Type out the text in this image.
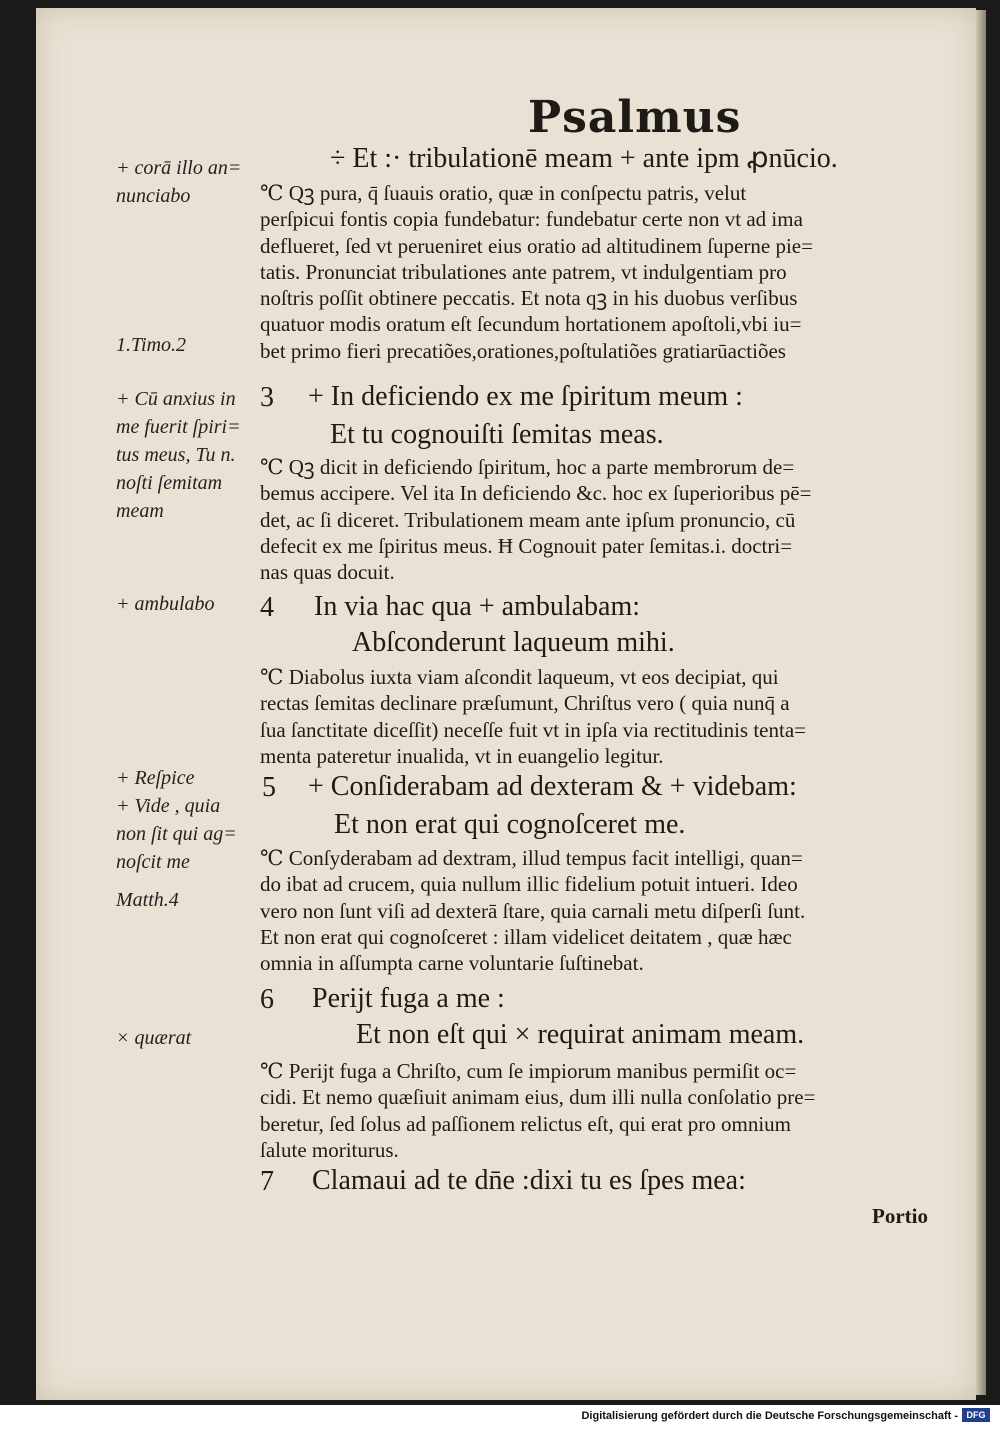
Psalmus
+ corā illo an=
nunciabo
1.Timo.2
+ Cū anxius in
me fuerit ſpiri=
tus meus, Tu n.
noſti ſemitam
meam
+ ambulabo
+ Reſpice
+ Vide , quia
non ſit qui ag=
noſcit me
Matth.4
× quærat
3
4
5
6
7
÷ Et :· tribulationē meam + ante ipm ꝓnūcio.
℃ Qꝫ pura, q̄ ſuauis oratio, quæ in conſpectu patris, velut
perſpicui fontis copia fundebatur: fundebatur certe non vt ad ima
deflueret, ſed vt perueniret eius oratio ad altitudinem ſuperne pie=
tatis. Pronunciat tribulationes ante patrem, vt indulgentiam pro
noſtris poſſit obtinere peccatis. Et nota qꝫ in his duobus verſibus
quatuor modis oratum eſt ſecundum hortationem apoſtoli,vbi iu=
bet primo fieri precatiões,orationes,poſtulatiões gratiarūactiões
+ In deficiendo ex me ſpiritum meum :
Et tu cognouiſti ſemitas meas.
℃ Qꝫ dicit in deficiendo ſpiritum, hoc a parte membrorum de=
bemus accipere. Vel ita In deficiendo &c. hoc ex ſuperioribus pē=
det, ac ſi diceret. Tribulationem meam ante ipſum pronuncio, cū
defecit ex me ſpiritus meus. Ħ Cognouit pater ſemitas.i. doctri=
nas quas docuit.
In via hac qua + ambulabam:
Abſconderunt laqueum mihi.
℃ Diabolus iuxta viam aſcondit laqueum, vt eos decipiat, qui
rectas ſemitas declinare præſumunt, Chriſtus vero ( quia nunq̄ a
ſua ſanctitate diceſſit) neceſſe fuit vt in ipſa via rectitudinis tenta=
menta pateretur inualida, vt in euangelio legitur.
+ Conſiderabam ad dexteram & + videbam:
Et non erat qui cognoſceret me.
℃ Conſyderabam ad dextram, illud tempus facit intelligi, quan=
do ibat ad crucem, quia nullum illic fidelium potuit intueri. Ideo
vero non ſunt viſi ad dexterā ſtare, quia carnali metu diſperſi ſunt.
Et non erat qui cognoſceret : illam videlicet deitatem , quæ hæc
omnia in aſſumpta carne voluntarie ſuſtinebat.
Perijt fuga a me :
Et non eſt qui × requirat animam meam.
℃ Perijt fuga a Chriſto, cum ſe impiorum manibus permiſit oc=
cidi. Et nemo quæſiuit animam eius, dum illi nulla conſolatio pre=
beretur, ſed ſolus ad paſſionem relictus eſt, qui erat pro omnium
ſalute moriturus.
Clamaui ad te dn̄e :dixi tu es ſpes mea:
Portio
Digitalisierung gefördert durch die Deutsche Forschungsgemeinschaft - DFG
